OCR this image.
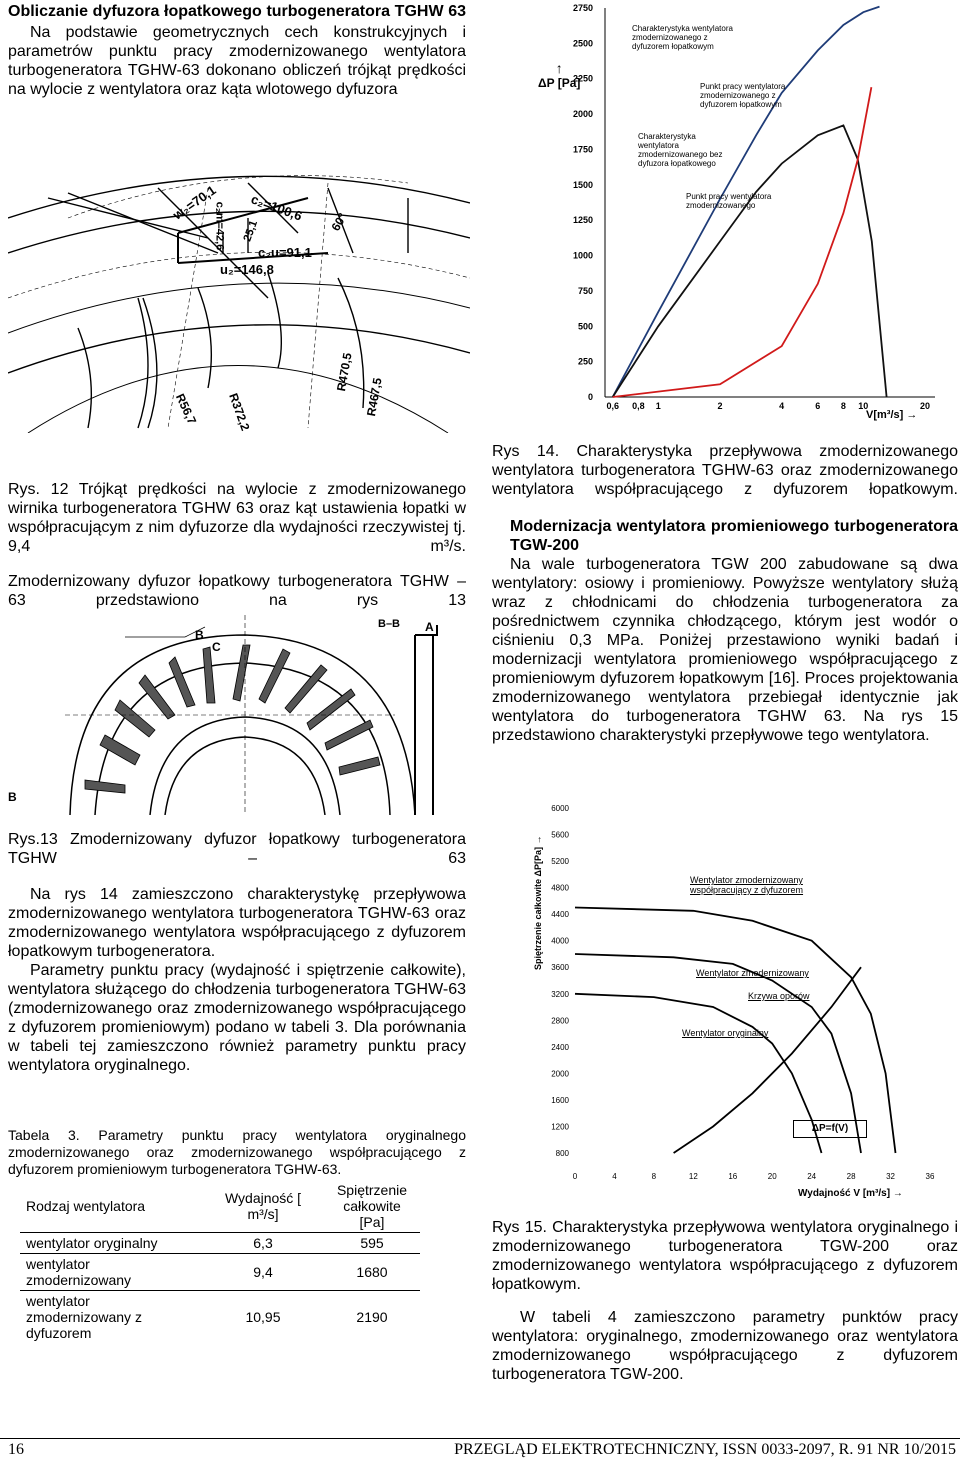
Obliczanie dyfuzora łopatkowego turbogeneratora TGHW 63
Na podstawie geometrycznych cech konstrukcyjnych i parametrów punktu pracy zmodernizowanego wentylatora turbogeneratora TGHW-63 dokonano obliczeń trójkąt prędkości na wylocie z wentylatora oraz kąta wlotowego dyfuzora
w₂=70,1 c₂=100,6
c₂m=42,6 25,1	60°
c₂u=91,1
u₂=146,8
R470,5
R467,5
R56,7 R372,2
Rys. 12 Trójkąt prędkości na wylocie z zmodernizowanego wirnika turbogeneratora TGHW 63 oraz kąt ustawienia łopatki w współpracującym z nim dyfuzorze dla wydajności rzeczywistej tj. 9,4 m³/s.
Zmodernizowany dyfuzor łopatkowy turbogeneratora TGHW – 63 przedstawiono na rys 13
B
B
B–B A
C
Rys.13 Zmodernizowany dyfuzor łopatkowy turbogeneratora TGHW – 63
Na rys 14 zamieszczono charakterystykę przepływowa zmodernizowanego wentylatora turbogeneratora TGHW-63 oraz zmodernizowanego wentylatora współpracującego z dyfuzorem łopatkowym turbogeneratora.
Parametry punktu pracy (wydajność i spiętrzenie całkowite), wentylatora służącego do chłodzenia turbogeneratora TGHW-63 (zmodernizowanego oraz zmodernizowanego współpracującego z dyfuzorem promieniowym) podano w tabeli 3. Dla porównania w tabeli tej zamieszczono również parametry punktu pracy wentylatora oryginalnego.
Tabela 3. Parametry punktu pracy wentylatora oryginalnego zmodernizowanego oraz zmodernizowanego współpracującego z dyfuzorem promieniowym turbogeneratora TGHW-63.
Rodzaj wentylatora	Wydajność [ m³/s]	Spiętrzenie całkowite [Pa]
wentylator oryginalny	6,3	595
wentylator zmodernizowany	9,4	1680
wentylator zmodernizowany z dyfuzorem	10,95	2190
2750
2500
2250
2000
1750
1500
1250
1000
750
500
250
0
0,6 0,8 1	2	4	6 8 10	20
↑
ΔP [Pa]
V[m³/s] →
Charakterystyka wentylatora zmodernizowanego z dyfuzorem łopatkowym
Punkt pracy wentylatora zmodernizowanego z dyfuzorem łopatkowym
Charakterystyka wentylatora zmodernizowanego bez dyfuzora łopatkowego
Punkt pracy wentylatora zmodernizowanego
Rys 14. Charakterystyka przepływowa zmodernizowanego wentylatora turbogeneratora TGHW-63 oraz zmodernizowanego wentylatora współpracującego z dyfuzorem łopatkowym.
Modernizacja wentylatora promieniowego turbogeneratora TGW-200
Na wale turbogeneratora TGW 200 zabudowane są dwa wentylatory: osiowy i promieniowy. Powyższe wentylatory służą wraz z chłodnicami do chłodzenia turbogeneratora za pośrednictwem czynnika chłodzącego, którym jest wodór o ciśnieniu 0,3 MPa. Poniżej przestawiono wyniki badań i modernizacji wentylatora promieniowego współpracującego z promieniowym dyfuzorem łopatkowym [16]. Proces projektowania zmodernizowanego wentylatora przebiegał identycznie jak wentylatora do turbogeneratora TGHW 63. Na rys 15 przedstawiono charakterystyki przepływowe tego wentylatora.
6000
5600
5200
4800
4400
4000
3600
3200
2800
2400
2000
1600
1200
800
0	4	8	12	16	20	24	28	32	36
Spiętrzenie całkowite ΔP[Pa] →
Wydajność V [m³/s] →
Wentylator zmodernizowany współpracujący z dyfuzorem
Wentylator zmodernizowany
Krzywa oporów
Wentylator oryginalny
ΔP=f(V)
Rys 15. Charakterystyka przepływowa wentylatora oryginalnego i zmodernizowanego turbogeneratora TGW-200 oraz zmodernizowanego wentylatora współpracującego z dyfuzorem łopatkowym.
W tabeli 4 zamieszczono parametry punktów pracy wentylatora: oryginalnego, zmodernizowanego oraz wentylatora zmodernizowanego współpracującego z dyfuzorem turbogeneratora TGW-200.
16	PRZEGLĄD ELEKTROTECHNICZNY, ISSN 0033-2097, R. 91 NR 10/2015
